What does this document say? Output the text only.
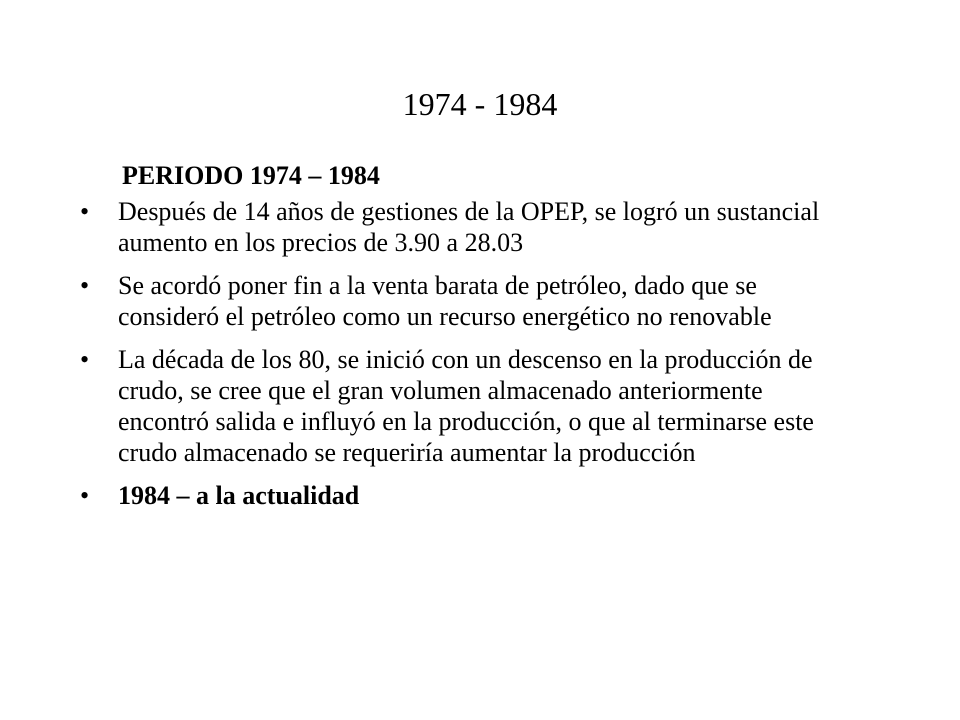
1974 - 1984

PERIODO 1974 – 1984

•	Después de 14 años de gestiones de la OPEP, se logró un sustancial aumento en los precios de 3.90 a 28.03
•	Se acordó poner fin a la venta barata de petróleo, dado que se consideró el petróleo como un recurso energético no renovable
•	La década de los 80, se inició con un descenso en la producción de crudo, se cree que el gran volumen almacenado anteriormente encontró salida e influyó en la producción, o que al terminarse este crudo almacenado se requeriría aumentar la producción
•	1984 – a la actualidad
